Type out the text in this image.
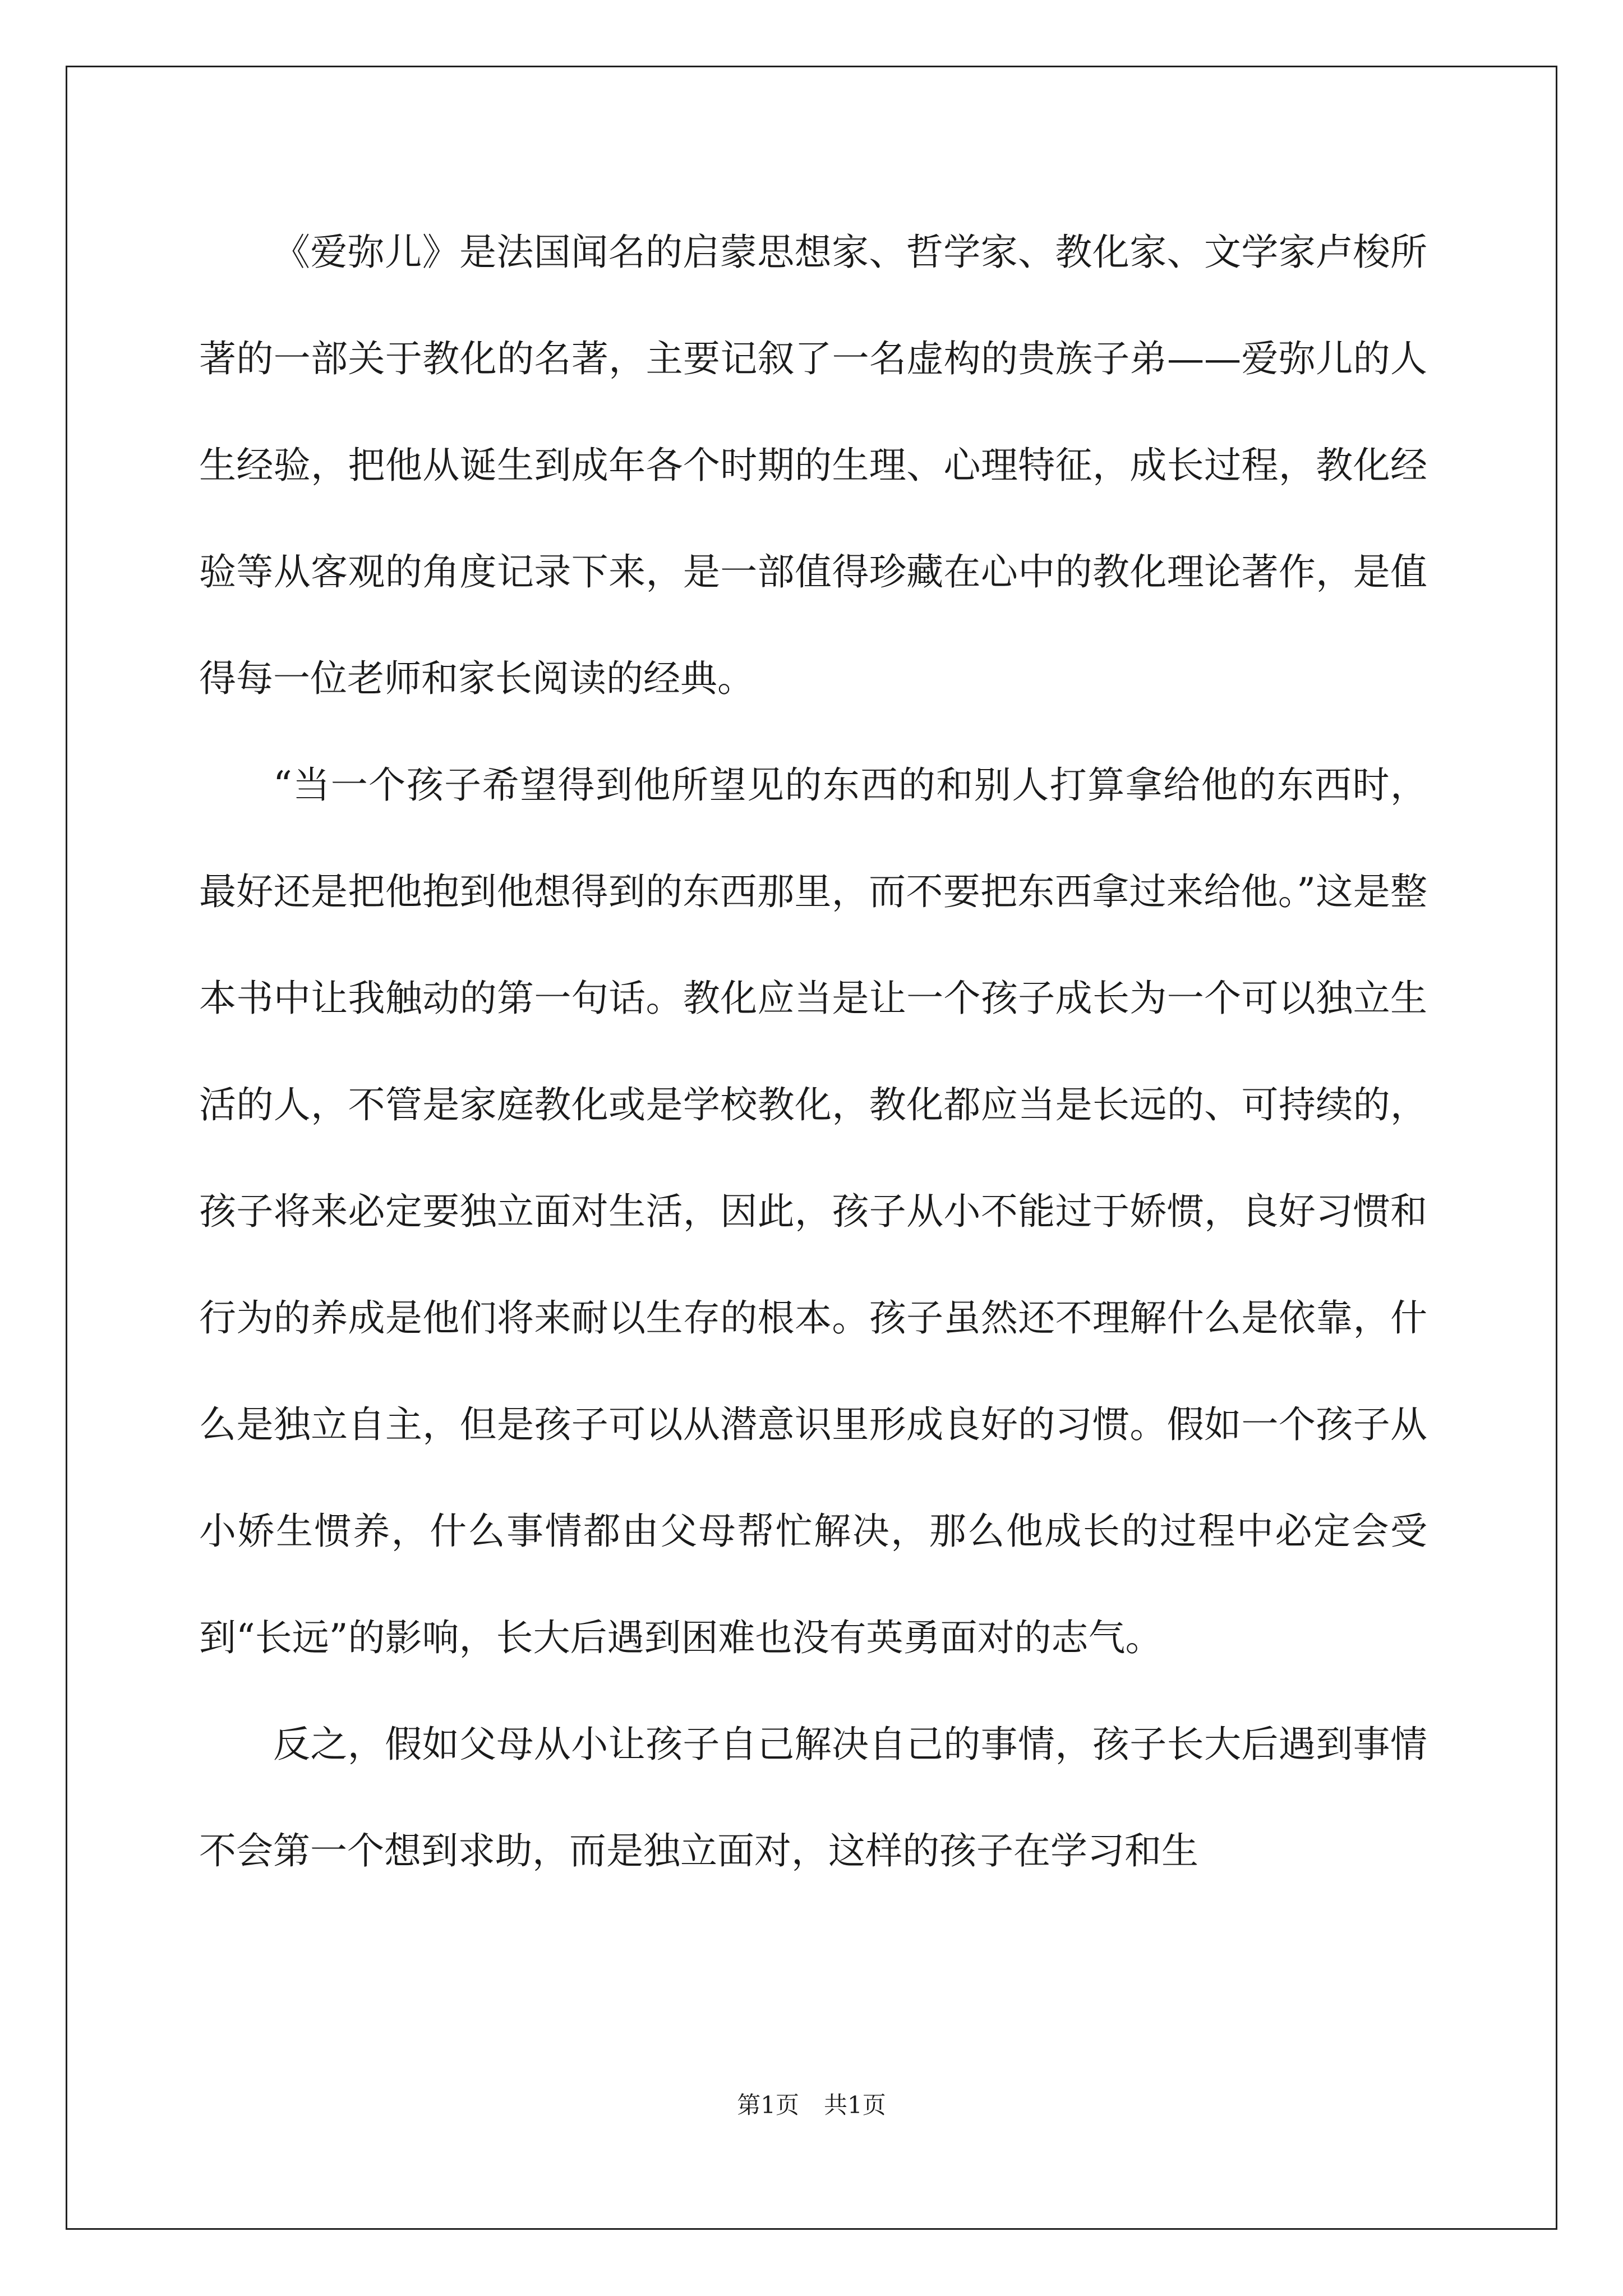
《爱弥儿》是法国闻名的启蒙思想家、哲学家、教化家、文学家卢梭所著的一部关于教化的名著，主要记叙了一名虚构的贵族子弟——爱弥儿的人生经验，把他从诞生到成年各个时期的生理、心理特征，成长过程，教化经验等从客观的角度记录下来，是一部值得珍藏在心中的教化理论著作，是值得每一位老师和家长阅读的经典。

“当一个孩子希望得到他所望见的东西的和别人打算拿给他的东西时，最好还是把他抱到他想得到的东西那里，而不要把东西拿过来给他。”这是整本书中让我触动的第一句话。教化应当是让一个孩子成长为一个可以独立生活的人，不管是家庭教化或是学校教化，教化都应当是长远的、可持续的，孩子将来必定要独立面对生活，因此，孩子从小不能过于娇惯，良好习惯和行为的养成是他们将来耐以生存的根本。孩子虽然还不理解什么是依靠，什么是独立自主，但是孩子可以从潜意识里形成良好的习惯。假如一个孩子从小娇生惯养，什么事情都由父母帮忙解决，那么他成长的过程中必定会受到“长远”的影响，长大后遇到困难也没有英勇面对的志气。

反之，假如父母从小让孩子自己解决自己的事情，孩子长大后遇到事情不会第一个想到求助，而是独立面对，这样的孩子在学习和生

第1页 共1页
